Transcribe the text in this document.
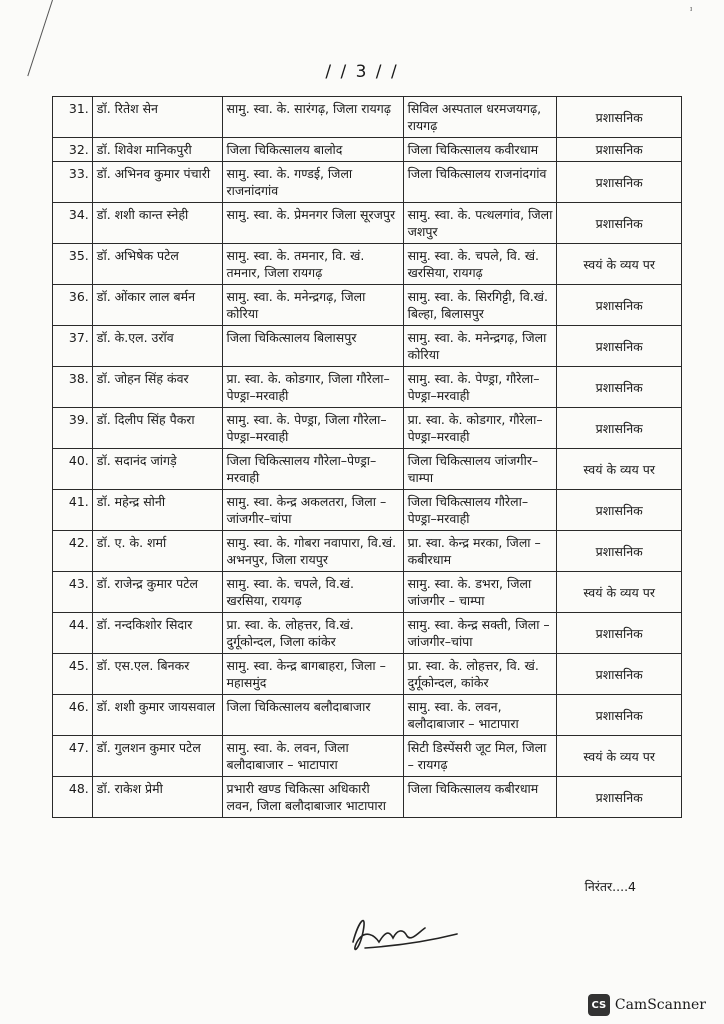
ᶦ
/ / 3 / /
31.	डॉ. रितेश सेन	सामु. स्वा. के. सारंगढ़, जिला रायगढ़	सिविल अस्पताल धरमजयगढ़, रायगढ़	प्रशासनिक
32.	डॉ. शिवेश मानिकपुरी	जिला चिकित्सालय बालोद	जिला चिकित्सालय कवीरधाम	प्रशासनिक
33.	डॉ. अभिनव कुमार पंचारी	सामु. स्वा. के. गण्डई, जिला राजनांदगांव	जिला चिकित्सालय राजनांदगांव	प्रशासनिक
34.	डॉ. शशी कान्त स्नेही	सामु. स्वा. के. प्रेमनगर जिला सूरजपुर	सामु. स्वा. के. पत्थलगांव, जिला जशपुर	प्रशासनिक
35.	डॉ. अभिषेक पटेल	सामु. स्वा. के. तमनार, वि. खं. तमनार, जिला रायगढ़	सामु. स्वा. के. चपले, वि. खं. खरसिया, रायगढ़	स्वयं के व्यय पर
36.	डॉ. ओंकार लाल बर्मन	सामु. स्वा. के. मनेन्द्रगढ़, जिला कोरिया	सामु. स्वा. के. सिरगिट्टी, वि.खं. बिल्हा, बिलासपुर	प्रशासनिक
37.	डॉ. के.एल. उरॉव	जिला चिकित्सालय बिलासपुर	सामु. स्वा. के. मनेन्द्रगढ़, जिला कोरिया	प्रशासनिक
38.	डॉ. जोहन सिंह कंवर	प्रा. स्वा. के. कोडगार, जिला गौरेला–पेण्ड्रा–मरवाही	सामु. स्वा. के. पेण्ड्रा, गौरेला–पेण्ड्रा–मरवाही	प्रशासनिक
39.	डॉ. दिलीप सिंह पैकरा	सामु. स्वा. के. पेण्ड्रा, जिला गौरेला–पेण्ड्रा–मरवाही	प्रा. स्वा. के. कोडगार, गौरेला–पेण्ड्रा–मरवाही	प्रशासनिक
40.	डॉ. सदानंद जांगड़े	जिला चिकित्सालय गौरेला–पेण्ड्रा–मरवाही	जिला चिकित्सालय जांजगीर–चाम्पा	स्वयं के व्यय पर
41.	डॉ. महेन्द्र सोनी	सामु. स्वा. केन्द्र अकलतरा, जिला – जांजगीर–चांपा	जिला चिकित्सालय गौरेला–पेण्ड्रा–मरवाही	प्रशासनिक
42.	डॉ. ए. के. शर्मा	सामु. स्वा. के. गोबरा नवापारा, वि.खं. अभनपुर, जिला रायपुर	प्रा. स्वा. केन्द्र मरका, जिला – कबीरधाम	प्रशासनिक
43.	डॉ. राजेन्द्र कुमार पटेल	सामु. स्वा. के. चपले, वि.खं. खरसिया, रायगढ़	सामु. स्वा. के. डभरा, जिला जांजगीर – चाम्पा	स्वयं के व्यय पर
44.	डॉ. नन्दकिशोर सिदार	प्रा. स्वा. के. लोहत्तर, वि.खं. दुर्गूकोन्दल, जिला कांकेर	सामु. स्वा. केन्द्र सक्ती, जिला – जांजगीर–चांपा	प्रशासनिक
45.	डॉ. एस.एल. बिनकर	सामु. स्वा. केन्द्र बागबाहरा, जिला – महासमुंद	प्रा. स्वा. के. लोहत्तर, वि. खं. दुर्गूकोन्दल, कांकेर	प्रशासनिक
46.	डॉ. शशी कुमार जायसवाल	जिला चिकित्सालय बलौदाबाजार	सामु. स्वा. के. लवन, बलौदाबाजार – भाटापारा	प्रशासनिक
47.	डॉ. गुलशन कुमार पटेल	सामु. स्वा. के. लवन, जिला बलौदाबाजार – भाटापारा	सिटी डिस्पेंसरी जूट मिल, जिला – रायगढ़	स्वयं के व्यय पर
48.	डॉ. राकेश प्रेमी	प्रभारी खण्ड चिकित्सा अधिकारी लवन, जिला बलौदाबाजार भाटापारा	जिला चिकित्सालय कबीरधाम	प्रशासनिक
निरंतर....4
CS CamScanner
